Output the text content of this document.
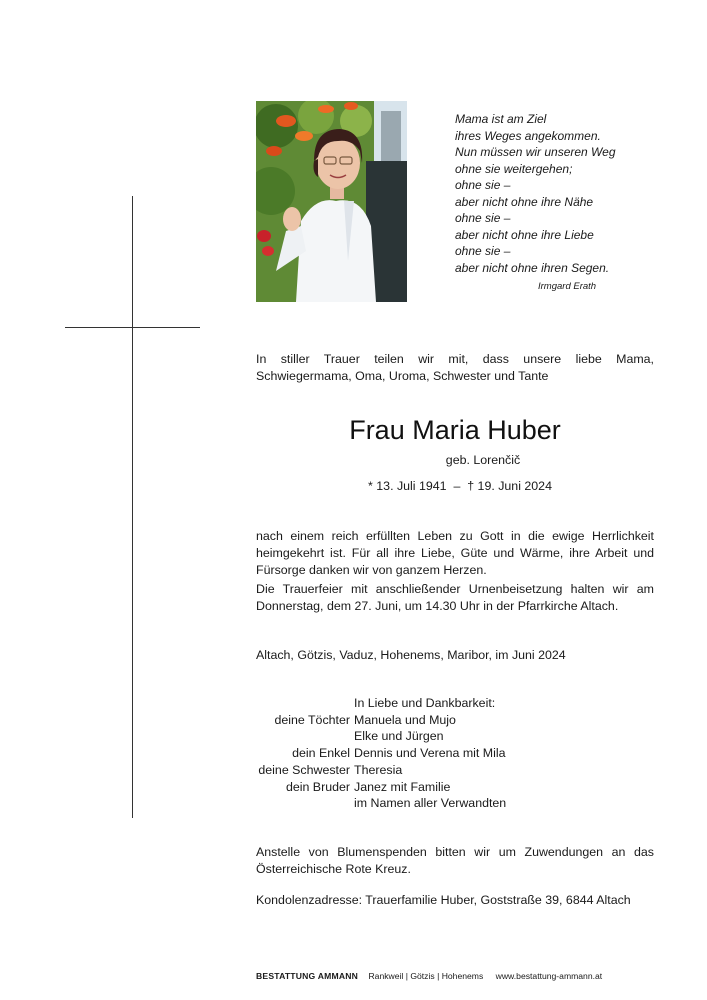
Mama ist am Ziel
ihres Weges angekommen.
Nun müssen wir unseren Weg
ohne sie weitergehen;
ohne sie –
aber nicht ohne ihre Nähe
ohne sie –
aber nicht ohne ihre Liebe
ohne sie –
aber nicht ohne ihren Segen.
Irmgard Erath
In stiller Trauer teilen wir mit, dass unsere liebe Mama, Schwiegermama, Oma, Uroma, Schwester und Tante
Frau Maria Huber
geb. Lorenčič
* 13. Juli 1941  –  † 19. Juni 2024
nach einem reich erfüllten Leben zu Gott in die ewige Herrlichkeit heimgekehrt ist. Für all ihre Liebe, Güte und Wärme, ihre Arbeit und Fürsorge danken wir von ganzem Herzen.
Die Trauerfeier mit anschließender Urnenbeisetzung halten wir am Donnerstag, dem 27. Juni, um 14.30 Uhr in der Pfarrkirche Altach.
Altach, Götzis, Vaduz, Hohenems, Maribor, im Juni 2024
In Liebe und Dankbarkeit:
deine Töchter Manuela und Mujo
Elke und Jürgen
dein Enkel Dennis und Verena mit Mila
deine Schwester Theresia
dein Bruder Janez mit Familie
im Namen aller Verwandten
Anstelle von Blumenspenden bitten wir um Zuwendungen an das Österreichische Rote Kreuz.
Kondolenzadresse: Trauerfamilie Huber, Goststraße 39, 6844 Altach
BESTATTUNG AMMANN Rankweil | Götzis | Hohenems www.bestattung-ammann.at
